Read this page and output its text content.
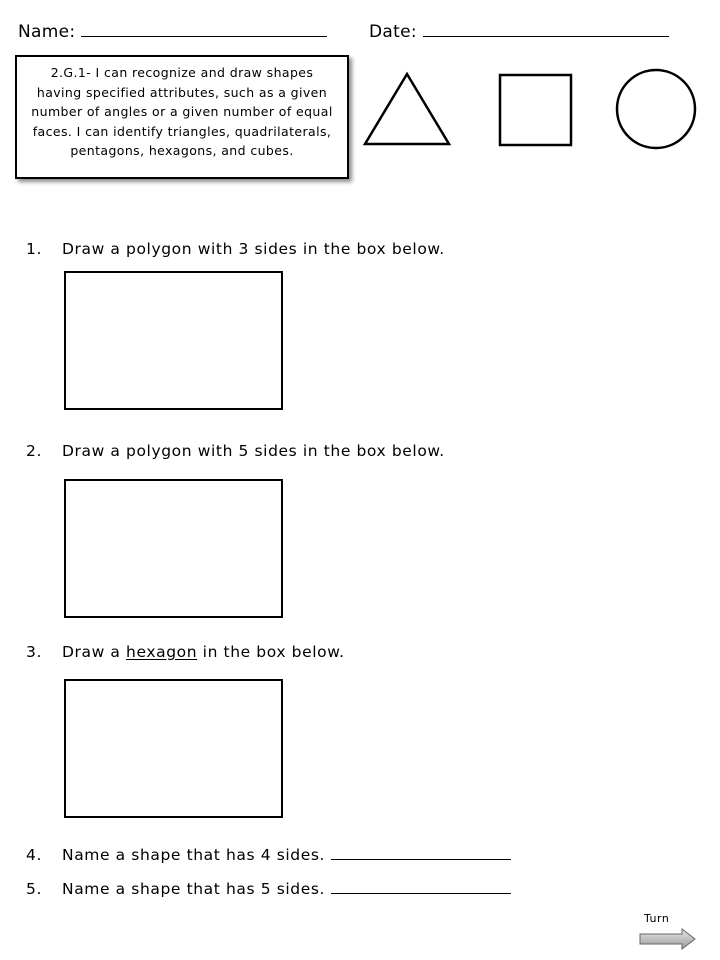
Name:	Date:
2.G.1- I can recognize and draw shapes having specified attributes, such as a given number of angles or a given number of equal faces. I can identify triangles, quadrilaterals, pentagons, hexagons, and cubes.
1. Draw a polygon with 3 sides in the box below.
2. Draw a polygon with 5 sides in the box below.
3. Draw a hexagon in the box below.
4. Name a shape that has 4 sides.
5. Name a shape that has 5 sides.
Turn
